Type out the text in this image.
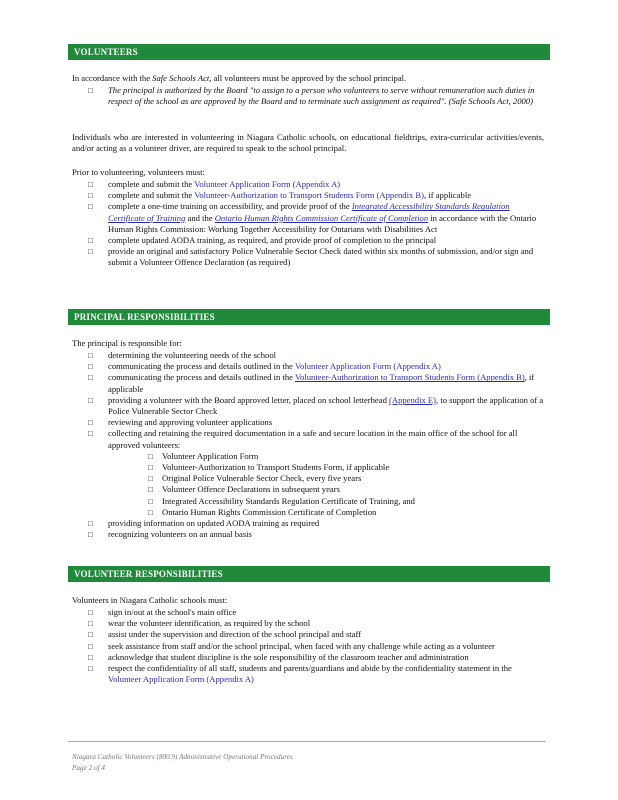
VOLUNTEERS

In accordance with the Safe Schools Act, all volunteers must be approved by the school principal.

□ The principal is authorized by the Board "to assign to a person who volunteers to serve without remuneration such duties in respect of the school as are approved by the Board and to terminate such assignment as required". (Safe Schools Act, 2000)

Individuals who are interested in volunteering in Niagara Catholic schools, on educational fieldtrips, extra-curricular activities/events, and/or acting as a volunteer driver, are required to speak to the school principal.

Prior to volunteering, volunteers must:

□ complete and submit the Volunteer Application Form (Appendix A)
□ complete and submit the Volunteer-Authorization to Transport Students Form (Appendix B), if applicable
□ complete a one-time training on accessibility, and provide proof of the Integrated Accessibility Standards Regulation Certificate of Training and the Ontario Human Rights Commission Certificate of Completion in accordance with the Ontario Human Rights Commission: Working Together Accessibility for Ontarians with Disabilities Act
□ complete updated AODA training, as required, and provide proof of completion to the principal
□ provide an original and satisfactory Police Vulnerable Sector Check dated within six months of submission, and/or sign and submit a Volunteer Offence Declaration (as required)
PRINCIPAL RESPONSIBILITIES

The principal is responsible for:

□ determining the volunteering needs of the school
□ communicating the process and details outlined in the Volunteer Application Form (Appendix A)
□ communicating the process and details outlined in the Volunteer-Authorization to Transport Students Form (Appendix B), if applicable
□ providing a volunteer with the Board approved letter, placed on school letterhead (Appendix E), to support the application of a Police Vulnerable Sector Check
□ reviewing and approving volunteer applications
□ collecting and retaining the required documentation in a safe and secure location in the main office of the school for all approved volunteers:
□ Volunteer Application Form
□ Volunteer-Authorization to Transport Students Form, if applicable
□ Original Police Vulnerable Sector Check, every five years
□ Volunteer Offence Declarations in subsequent years
□ Integrated Accessibility Standards Regulation Certificate of Training, and
□ Ontario Human Rights Commission Certificate of Completion
□ providing information on updated AODA training as required
□ recognizing volunteers on an annual basis
VOLUNTEER RESPONSIBILITIES

Volunteers in Niagara Catholic schools must:

□ sign in/out at the school's main office
□ wear the volunteer identification, as required by the school
□ assist under the supervision and direction of the school principal and staff
□ seek assistance from staff and/or the school principal, when faced with any challenge while acting as a volunteer
□ acknowledge that student discipline is the sole responsibility of the classroom teacher and administration
□ respect the confidentiality of all staff, students and parents/guardians and abide by the confidentiality statement in the Volunteer Application Form (Appendix A)
Niagara Catholic Volunteers (800.9) Administrative Operational Procedures
Page 2 of 4
